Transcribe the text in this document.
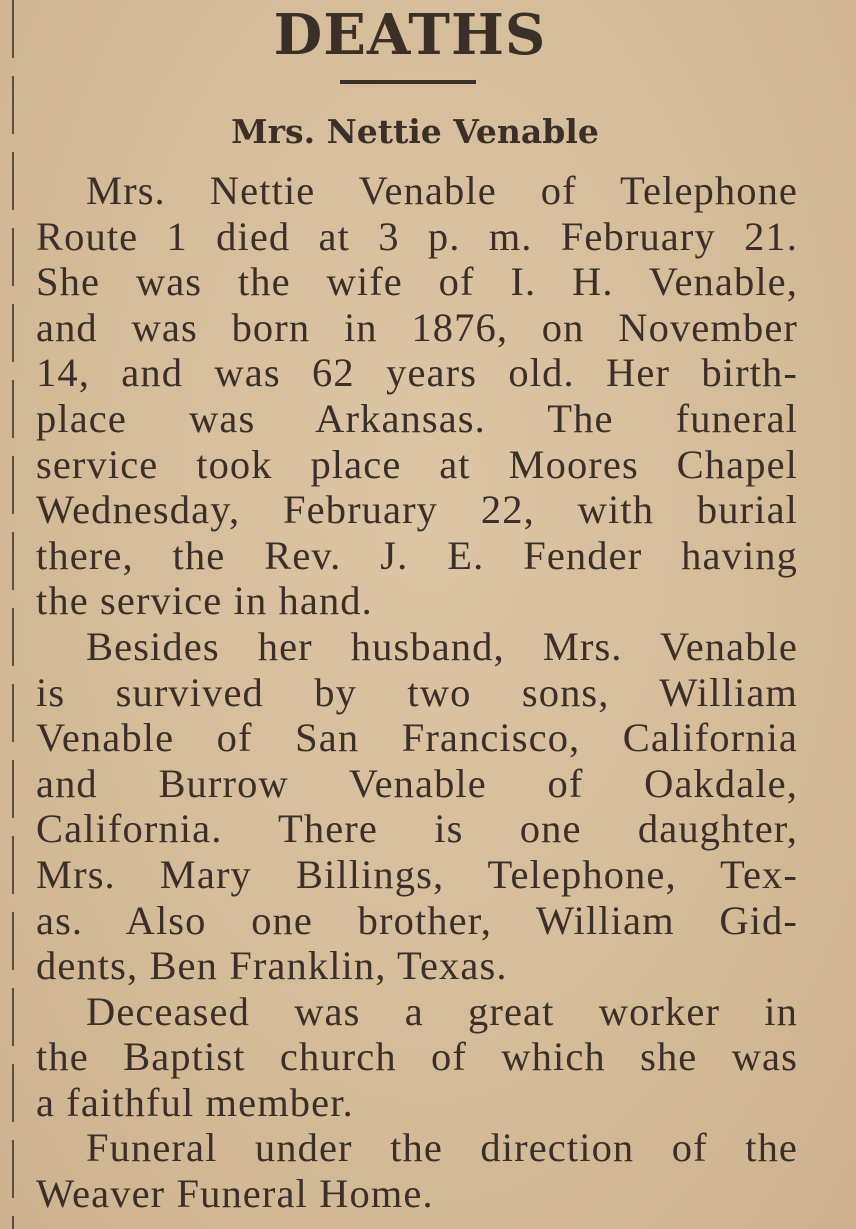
DEATHS
Mrs. Nettie Venable
Mrs. Nettie Venable of Telephone
Route 1 died at 3 p. m. February 21.
She was the wife of I. H. Venable,
and was born in 1876, on November
14, and was 62 years old. Her birth-
place was Arkansas. The funeral
service took place at Moores Chapel
Wednesday, February 22, with burial
there, the Rev. J. E. Fender having
the service in hand.
Besides her husband, Mrs. Venable
is survived by two sons, William
Venable of San Francisco, California
and Burrow Venable of Oakdale,
California. There is one daughter,
Mrs. Mary Billings, Telephone, Tex-
as. Also one brother, William Gid-
dents, Ben Franklin, Texas.
Deceased was a great worker in
the Baptist church of which she was
a faithful member.
Funeral under the direction of the
Weaver Funeral Home.
